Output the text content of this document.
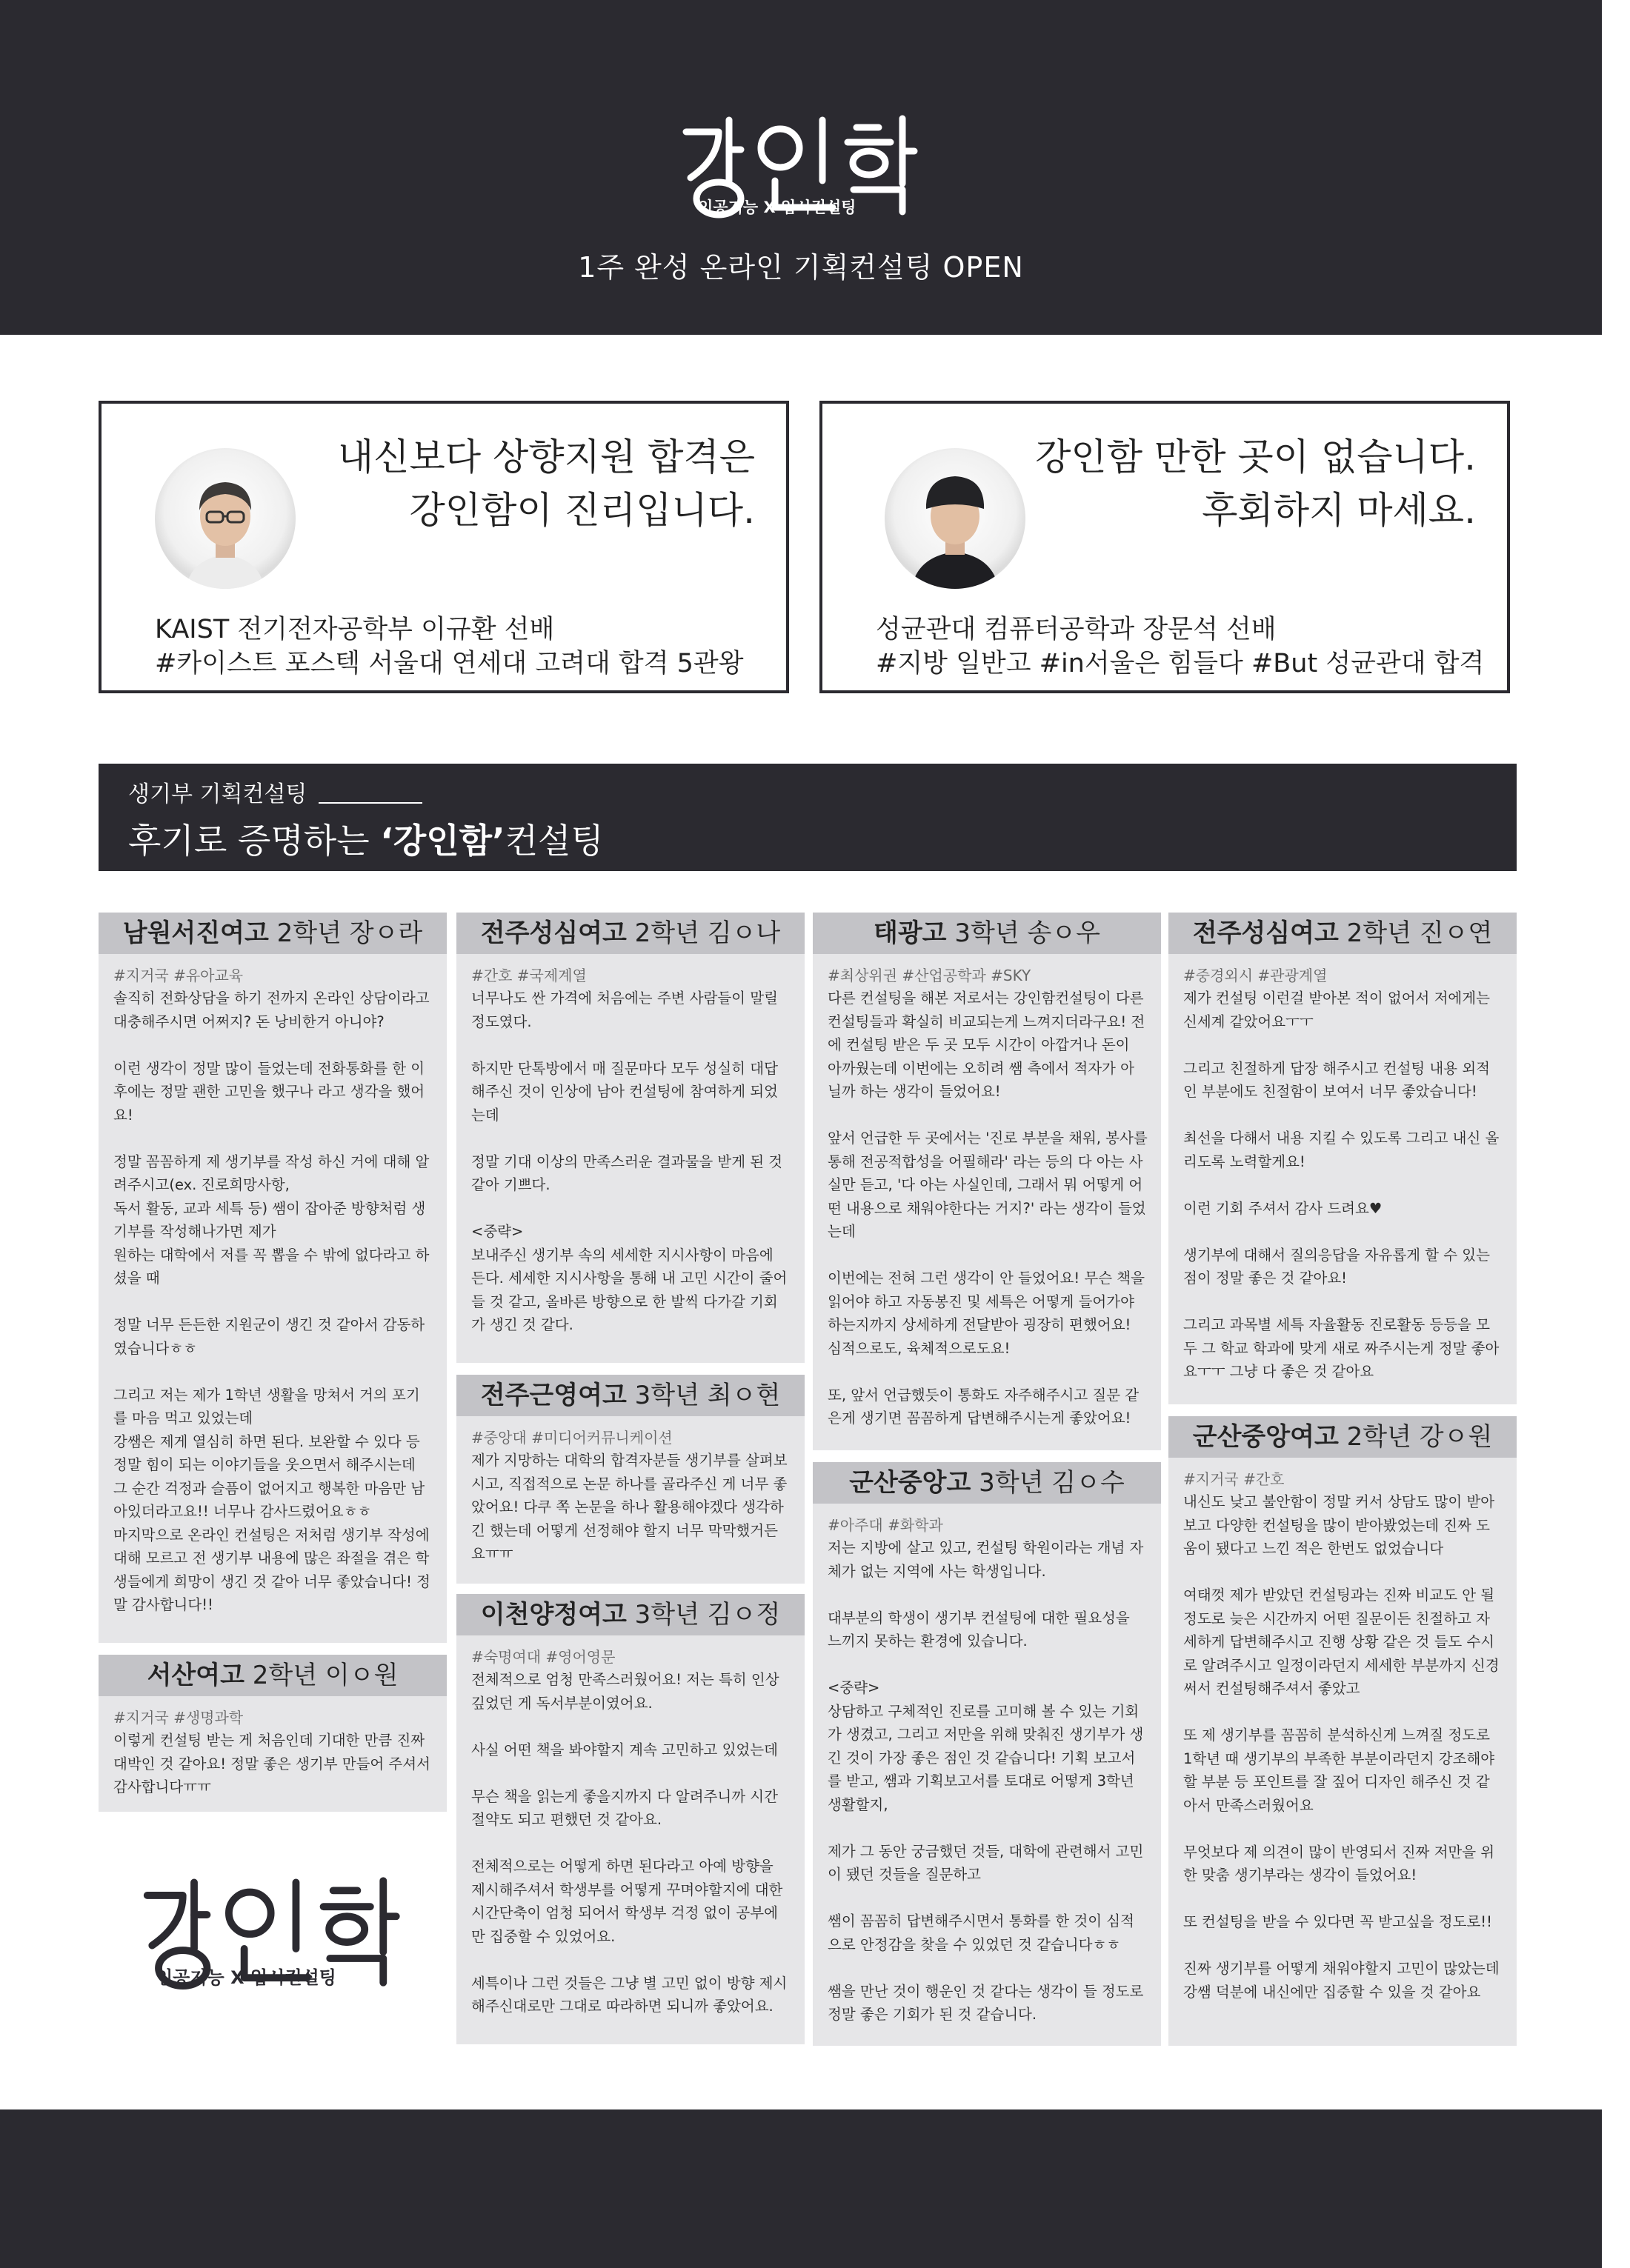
인공지능 X 입시컨설팅
1주 완성 온라인 기획컨설팅 OPEN
내신보다 상향지원 합격은
강인함이 진리입니다.
KAIST 전기전자공학부 이규환 선배
#카이스트 포스텍 서울대 연세대 고려대 합격 5관왕
강인함 만한 곳이 없습니다.
후회하지 마세요.
성균관대 컴퓨터공학과 장문석 선배
#지방 일반고 #in서울은 힘들다 #But 성균관대 합격
생기부 기획컨설팅
후기로 증명하는 ‘강인함’컨설팅
남원서진여고 2학년 장ㅇ라
#지거국 #유아교육
솔직히 전화상담을 하기 전까지 온라인 상담이라고 대충해주시면 어쩌지? 돈 낭비한거 아니야?

이런 생각이 정말 많이 들었는데 전화통화를 한 이후에는 정말 괜한 고민을 했구나 라고 생각을 했어요!

정말 꼼꼼하게 제 생기부를 작성 하신 거에 대해 알려주시고(ex. 진로희망사항,
독서 활동, 교과 세특 등) 쌤이 잡아준 방향처럼 생기부를 작성해나가면 제가
원하는 대학에서 저를 꼭 뽑을 수 밖에 없다라고 하셨을 때

정말 너무 든든한 지원군이 생긴 것 같아서 감동하였습니다ㅎㅎ

그리고 저는 제가 1학년 생활을 망쳐서 거의 포기를 마음 먹고 있었는데
강쌤은 제게 열심히 하면 된다. 보완할 수 있다 등 정말 힘이 되는 이야기들을 웃으면서 해주시는데 그 순간 걱정과 슬픔이 없어지고 행복한 마음만 남아있더라고요!! 너무나 감사드렸어요ㅎㅎ
마지막으로 온라인 컨설팅은 저처럼 생기부 작성에 대해 모르고 전 생기부 내용에 많은 좌절을 겪은 학생들에게 희망이 생긴 것 같아 너무 좋았습니다! 정말 감사합니다!!
서산여고 2학년 이ㅇ원
#지거국 #생명과학
이렇게 컨설팅 받는 게 처음인데 기대한 만큼 진짜 대박인 것 같아요! 정말 좋은 생기부 만들어 주셔서 감사합니다ㅠㅠ
인공지능 X 입시컨설팅
전주성심여고 2학년 김ㅇ나
#간호 #국제계열
너무나도 싼 가격에 처음에는 주변 사람들이 말릴 정도였다.

하지만 단톡방에서 매 질문마다 모두 성실히 대답해주신 것이 인상에 남아 컨설팅에 참여하게 되었는데

정말 기대 이상의 만족스러운 결과물을 받게 된 것 같아 기쁘다.

<중략>
보내주신 생기부 속의 세세한 지시사항이 마음에 든다. 세세한 지시사항을 통해 내 고민 시간이 줄어들 것 같고, 올바른 방향으로 한 발씩 다가갈 기회가 생긴 것 같다.
전주근영여고 3학년 최ㅇ현
#중앙대 #미디어커뮤니케이션
제가 지망하는 대학의 합격자분들 생기부를 살펴보시고, 직접적으로 논문 하나를 골라주신 게 너무 좋았어요! 다쿠 쪽 논문을 하나 활용해야겠다 생각하긴 했는데 어떻게 선정해야 할지 너무 막막했거든요ㅠㅠ
이천양정여고 3학년 김ㅇ정
#숙명여대 #영어영문
전체적으로 엄청 만족스러웠어요! 저는 특히 인상 깊었던 게 독서부분이였어요.

사실 어떤 책을 봐야할지 계속 고민하고 있었는데

무슨 책을 읽는게 좋을지까지 다 알려주니까 시간절약도 되고 편했던 것 같아요.

전체적으로는 어떻게 하면 된다라고 아예 방향을 제시해주셔서 학생부를 어떻게 꾸며야할지에 대한 시간단축이 엄청 되어서 학생부 걱정 없이 공부에만 집중할 수 있었어요.

세특이나 그런 것들은 그냥 별 고민 없이 방향 제시해주신대로만 그대로 따라하면 되니까 좋았어요.
태광고 3학년 송ㅇ우
#최상위권 #산업공학과 #SKY
다른 컨설팅을 해본 저로서는 강인함컨설팅이 다른 컨설팅들과 확실히 비교되는게 느껴지더라구요! 전에 컨설팅 받은 두 곳 모두 시간이 아깝거나 돈이 아까웠는데 이번에는 오히려 쌤 측에서 적자가 아닐까 하는 생각이 들었어요!

앞서 언급한 두 곳에서는 '진로 부분을 채워, 봉사를 통해 전공적합성을 어필해라' 라는 등의 다 아는 사실만 듣고, '다 아는 사실인데, 그래서 뭐 어떻게 어떤 내용으로 채워야한다는 거지?' 라는 생각이 들었는데

이번에는 전혀 그런 생각이 안 들었어요! 무슨 책을 읽어야 하고 자동봉진 및 세특은 어떻게 들어가야하는지까지 상세하게 전달받아 굉장히 편했어요! 심적으로도, 육체적으로도요!

또, 앞서 언급했듯이 통화도 자주해주시고 질문 같은게 생기면 꼼꼼하게 답변해주시는게 좋았어요!
군산중앙고 3학년 김ㅇ수
#아주대 #화학과
저는 지방에 살고 있고, 컨설팅 학원이라는 개념 자체가 없는 지역에 사는 학생입니다.

대부분의 학생이 생기부 컨설팅에 대한 필요성을 느끼지 못하는 환경에 있습니다.

<중략>
상담하고 구체적인 진로를 고미해 볼 수 있는 기회가 생겼고, 그리고 저만을 위해 맞춰진 생기부가 생긴 것이 가장 좋은 점인 것 같습니다! 기획 보고서를 받고, 쌤과 기획보고서를 토대로 어떻게 3학년 생활할지,

제가 그 동안 궁금했던 것들, 대학에 관련해서 고민이 됐던 것들을 질문하고

쌤이 꼼꼼히 답변해주시면서 통화를 한 것이 심적으로 안정감을 찾을 수 있었던 것 같습니다ㅎㅎ

쌤을 만난 것이 행운인 것 같다는 생각이 들 정도로 정말 좋은 기회가 된 것 같습니다.
전주성심여고 2학년 진ㅇ연
#중경외시 #관광계열
제가 컨설팅 이런걸 받아본 적이 없어서 저에게는 신세계 같았어요ㅜㅜ

그리고 친절하게 답장 해주시고 컨설팅 내용 외적인 부분에도 친절함이 보여서 너무 좋았습니다!

최선을 다해서 내용 지킬 수 있도록 그리고 내신 올리도록 노력할게요!

이런 기회 주셔서 감사 드려요♥

생기부에 대해서 질의응답을 자유롭게 할 수 있는 점이 정말 좋은 것 같아요!

그리고 과목별 세특 자율활동 진로활동 등등을 모두 그 학교 학과에 맞게 새로 짜주시는게 정말 좋아요ㅜㅜ 그냥 다 좋은 것 같아요
군산중앙여고 2학년 강ㅇ원
#지거국 #간호
내신도 낮고 불안함이 정말 커서 상담도 많이 받아보고 다양한 컨설팅을 많이 받아봤었는데 진짜 도움이 됐다고 느낀 적은 한번도 없었습니다

여태껏 제가 받았던 컨설팅과는 진짜 비교도 안 될 정도로 늦은 시간까지 어떤 질문이든 친절하고 자세하게 답변해주시고 진행 상황 같은 것 들도 수시로 알려주시고 일정이라던지 세세한 부분까지 신경써서 컨설팅해주셔서 좋았고

또 제 생기부를 꼼꼼히 분석하신게 느껴질 정도로 1학년 때 생기부의 부족한 부분이라던지 강조해야할 부분 등 포인트를 잘 짚어 디자인 해주신 것 같아서 만족스러웠어요

무엇보다 제 의견이 많이 반영되서 진짜 저만을 위한 맞춤 생기부라는 생각이 들었어요!

또 컨설팅을 받을 수 있다면 꼭 받고싶을 정도로!!

진짜 생기부를 어떻게 채워야할지 고민이 많았는데 강쌤 덕분에 내신에만 집중할 수 있을 것 같아요
